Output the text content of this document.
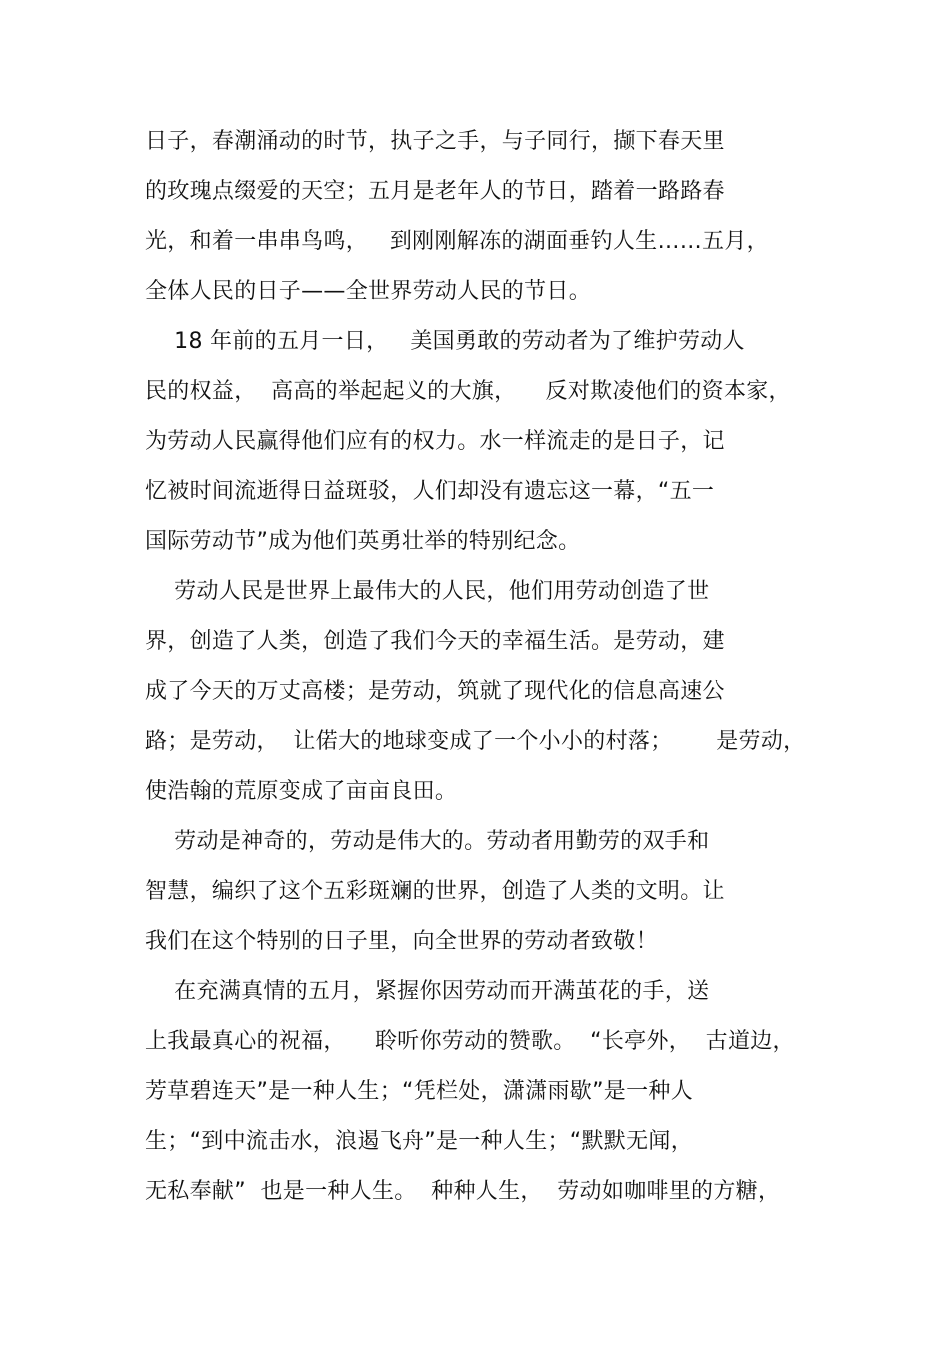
日子，春潮涌动的时节，执子之手，与子同行，撷下春天里
的玫瑰点缀爱的天空；五月是老年人的节日，踏着一路路春
光，和着一串串鸟鸣，   到刚刚解冻的湖面垂钓人生……五月，
全体人民的日子——全世界劳动人民的节日。
18 年前的五月一日，   美国勇敢的劳动者为了维护劳动人
民的权益，  高高的举起起义的大旗，    反对欺凌他们的资本家，
为劳动人民赢得他们应有的权力。水一样流走的是日子，记
忆被时间流逝得日益斑驳，人们却没有遗忘这一幕，“五一
国际劳动节”成为他们英勇壮举的特别纪念。
劳动人民是世界上最伟大的人民，他们用劳动创造了世
界，创造了人类，创造了我们今天的幸福生活。是劳动，建
成了今天的万丈高楼；是劳动，筑就了现代化的信息高速公
路；是劳动，  让偌大的地球变成了一个小小的村落；      是劳动，
使浩翰的荒原变成了亩亩良田。
劳动是神奇的，劳动是伟大的。劳动者用勤劳的双手和
智慧，编织了这个五彩斑斓的世界，创造了人类的文明。让
我们在这个特别的日子里，向全世界的劳动者致敬！
在充满真情的五月，紧握你因劳动而开满茧花的手，送
上我最真心的祝福，    聆听你劳动的赞歌。  “长亭外，  古道边，
芳草碧连天”是一种人生；“凭栏处，潇潇雨歇”是一种人
生；“到中流击水，浪遏飞舟”是一种人生；“默默无闻，
无私奉献”  也是一种人生。  种种人生，  劳动如咖啡里的方糖，
